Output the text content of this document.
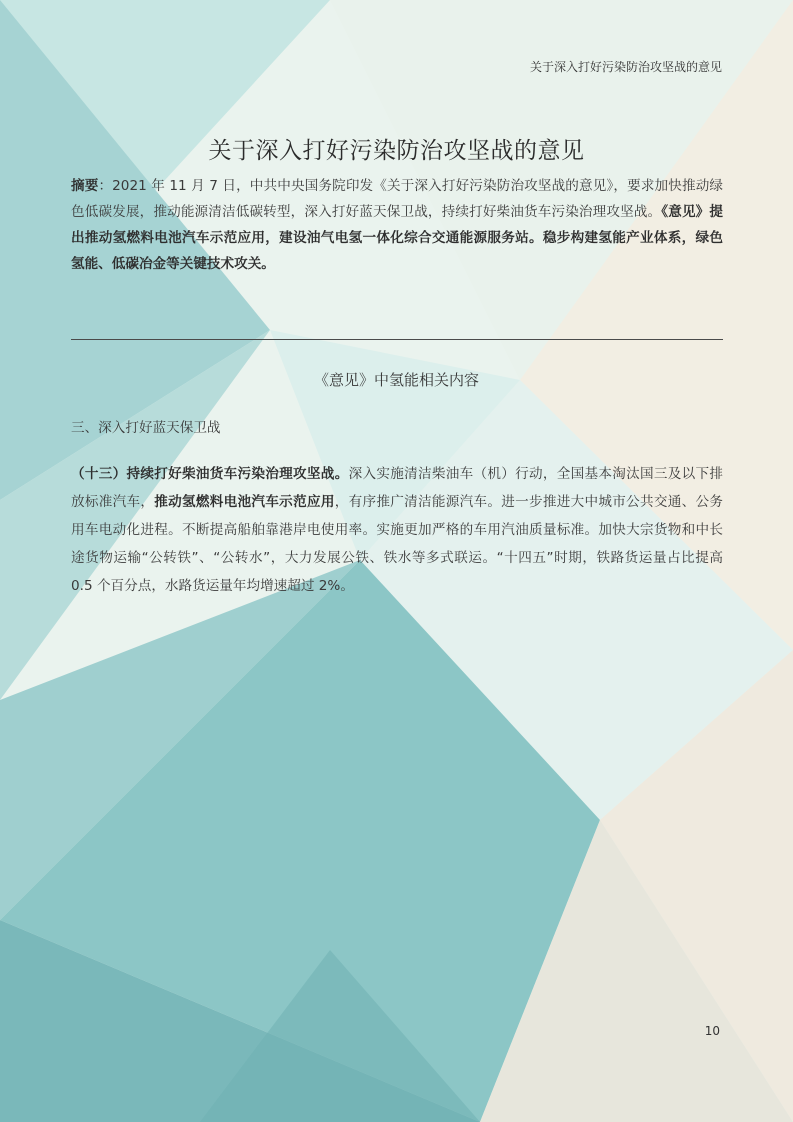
关于深入打好污染防治攻坚战的意见
关于深入打好污染防治攻坚战的意见
摘要：2021 年 11 月 7 日，中共中央国务院印发《关于深入打好污染防治攻坚战的意见》，要求加快推动绿色低碳发展，推动能源清洁低碳转型，深入打好蓝天保卫战，持续打好柴油货车污染治理攻坚战。《意见》提出推动氢燃料电池汽车示范应用，建设油气电氢一体化综合交通能源服务站。稳步构建氢能产业体系，绿色氢能、低碳冶金等关键技术攻关。
《意见》中氢能相关内容
三、深入打好蓝天保卫战
（十三）持续打好柴油货车污染治理攻坚战。深入实施清洁柴油车（机）行动，全国基本淘汰国三及以下排放标准汽车，推动氢燃料电池汽车示范应用，有序推广清洁能源汽车。进一步推进大中城市公共交通、公务用车电动化进程。不断提高船舶靠港岸电使用率。实施更加严格的车用汽油质量标准。加快大宗货物和中长途货物运输“公转铁”、“公转水”，大力发展公铁、铁水等多式联运。“十四五”时期，铁路货运量占比提高 0.5 个百分点，水路货运量年均增速超过 2%。
10
